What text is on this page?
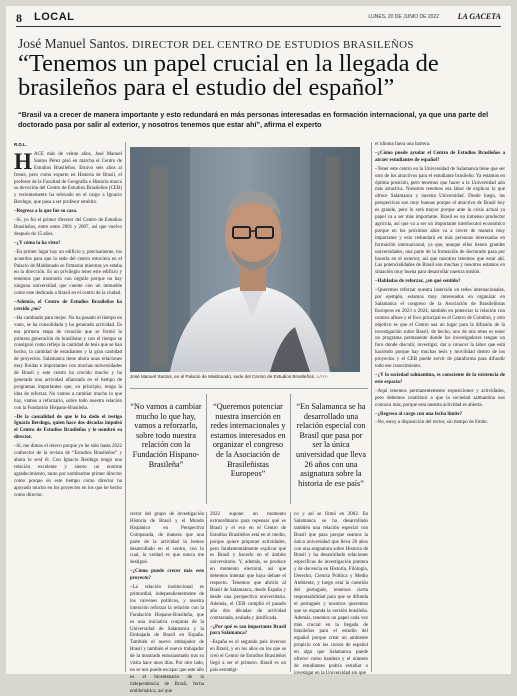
8 LOCAL	LUNES, 20 DE JUNIO DE 2022 LA GACETA
José Manuel Santos. DIRECTOR DEL CENTRO DE ESTUDIOS BRASILEÑOS
“Tenemos un papel crucial en la llegada de brasileños para el estudio del español”
“Brasil va a crecer de manera importante y esto redundará en más personas interesadas en formación internacional, ya que una parte del doctorado pasa por salir al exterior, y nosotros tenemos que estar ahí”, afirma el experto
R.D.L.
H ACE más de veinte años, José Manuel Santos Pérez pisó en marcha el Centro de Estudios Brasileños. Estuvo seis años al frente, pero como experto en Historia de Brasil, el profesor de la Facultad de Geografía e Historia marca su devoción del Centro de Estudios Brasileños (CEB) y recientemente ha relevado en el cargo a Ignacio Berdugo, que pasa a ser profesor emérito.

–Regresa a la que fue su casa.

–Sí, yo fui el primer director del Centro de Estudios Brasileños, entre entre 2001 y 2007, así que vuelvo después de 15 años.

–¿Y cómo la ha visto?

–En primer lugar hay un edificio y, precisamente, los acuerdos para que la sede del centro estuviera en el Palacio de Maldonado se firmaron mientras yo estaba en la dirección. Es un privilegio tener este edificio y tenemos que mostrarlo con orgullo porque no hay ninguna universidad que cuente con un inmueble como este dedicado a Brasil en el centro de la ciudad.

–Además, el Centro de Estudios Brasileños ha crecido ¿no?

–Ha cambiado para mejor. No ha pasado el tiempo en vano, se ha consolidado y ha generado actividad. Es esa primera etapa de creación que se formó la primera generación de brasilistas y con el tiempo se consiguió como reflejo la cantidad de tesis que se han hecho, la cantidad de estudiantes y la gran cantidad de proyectos. Salamanca tiene ahora unas relaciones muy fluidas e importantes con muchas universidades de Brasil y este centro ha crecido mucho y ha generado una actividad afianzada en el tiempo de programas importantes que, en principio, tenga la idea de reforzar. No vamos a cambiar mucho lo que hay, vamos a reforzarlo, sobre todo nuestra relación con la Fundación Hispano-Brasileña.

–De la casualidad de que le ha dado el testigo Ignacio Berdugo, quien hace dos décadas impulsó el Centro de Estudios Brasileños y le nombró su director.

–Sí, me dimos el relevo porque yo he sido hasta 2022 codirector de la revista de “Estudios Brasileños” y ahora lo será él. Con Ignacio Berdugo tengo una relación excelente y siento un enorme agradecimiento, tanto por nombrarme primer director como porque en este tiempo como director ha apoyado mucho en los proyectos en los que he hecho como director.

José Manuel Santos, en el Palacio de Maldonado, sede del Centro de Estudios Brasileños. LAYA
“No vamos a cambiar mucho lo que hay, vamos a reforzarlo, sobre todo nuestra relación con la Fundación Hispano-Brasileña”
“Queremos potenciar nuestra inserción en redes internacionales y estamos interesados en organizar el congreso de la Asociación de Brasileñistas Europeos”
“En Salamanca se ha desarrollado una relación especial con Brasil que pasa por ser la única universidad que lleva 26 años con una asignatura sobre la historia de ese país”

rector del grupo de investigación Historia de Brasil y el Mundo Hispánico en Perspectiva Comparada, de manera que una parte de la actividad la hemos desarrollado en el centro, con lo cual, la verdad es que nunca me desligué.

–¿Cómo puede crecer más este proyecto?

–La relación institucional es primordial, independientemente de los vaivenes políticos, y nuestra intención reforzar la relación con la Fundación Hispano-Brasileña, que es una iniciativa conjunta de la Universidad de Salamanca y la Embajada de Brasil en España. También el nuevo embajador de Brasil y también el nuevo trabajador de la mostrado entusiasmado tras su visita hace unos días. Por otro lado, no se nos puede escapar que este año es el bicentenario de la independencia de Brasil, fecha emblemática, así que

2022 supone un momento extraordinario para repensar qué es Brasil y el eco en el Centro de Estudios Brasileños está en el medio, porque quiere proponer actividades, pero fundamentalmente explicar qué es Brasil y hacerlo en el ámbito universitario. Y, además, se produce en momento electoral, así que debemos intentar que haya debate el respecto. Tenemos que abrirlo al Brasil de Salamanca, desde España y desde una perspectiva universitaria. Además, el CEB cumplió el pasado año dos décadas de actividad contrastada, avalada y justificada.

–¿Por qué es tan importante Brasil para Salamanca?

–España es el segundo país inversor en Brasil, y en los años en los que se creó el Centro de Estudios Brasileños llegó a ser el primero. Brasil es un país estratégi-

co y así se firmó en 2002. En Salamanca se ha desarrollado también una relación especial con Brasil que pasa porque seamos la única universidad que lleva 26 años con una asignatura sobre Historia de Brasil y ha desarrollado relaciones específicas de investigación puntera y de docencia en Historia, Filología, Derecho, Ciencia Política y Medio Ambiente, y luego está la cuestión del portugués, tenemos cierta responsabilidad para que se difunda el portugués y nosotros queremos que se expanda la versión brasileña. Además, tenemos un papel cada vez más crucial en la llegada de brasileños para el estudio del español porque crear un ambiente propicio con los cursos de español en algo que Salamanca puede ofrecer como bandera y el número de estudiantes podría estudiar o investigar en la Universidad sin que

el idioma fuera una barrera.

–¿Cómo puede ayudar el Centro de Estudios Brasileños a atraer estudiantes de español?

–Tener este centro en la Universidad de Salamanca tiene que ser otro de los atractivos para el estudiante brasileño. Ya estamos en óptima posición, pero tenemos que hacer a la Universidad aún más atractiva. Nosotros tenemos esa labor de explicar lo que ofrece Salamanca y nuestra Universidad. Desde luego, las perspectivas son muy buenas porque el atractivo de Brasil hoy es grande, pero lo será mayor porque ante la crisis actual ya papel va a ser más importante. Brasil es un inmenso productor agrícola, así que va a ser un importante interlocutor económico porque en los próximos años va a crecer de manera muy importante y esto redundará en más personas interesadas en formación internacional, ya que, aunque ellos tienen grandes universidades, una parte de la formación de doctorado pasa por hacerla en el exterior, así que nosotros tenemos que estar ahí. Las potencialidades de Brasil son muchas y nosotros estamos en situación muy buena para desarrollar nuestra misión.

–Habladas de reforzar, ¿en qué sentido?

–Queremos reforzar nuestra inserción en redes internacionales, por ejemplo, estamos muy interesados en organizar en Salamanca el congreso de la Asociación de Brasileñistas Europeos en 2023 o 2024, también en potenciar la relación con centros afines y el foco principal es el Centro de Coimbra, y otro objetivo es que el Centro sea un lugar para la difusión de la investigación sobre Brasil, de hecho, uno de mis retos es tener un programa permanente donde los investigadores tengan un foro donde discutir, investigar, dar a conocer la labor que está haciendo porque hay muchas tesis y movilidad dentro de los proyectos y el CEB puede servir de plataforma para difundir todo ese conocimiento.

–¿Y la sociedad salmantina, es consciente de la existencia de este espacio?

–Aquí tenemos permanentemente exposiciones y actividades, pero debemos contribuir a que la sociedad salmantina nos conozca más, porque esta nuestra actividad es abierta.

–¿Regresa al cargo con una fecha límite?

–No, estoy a disposición del rector, sin tiempo de límite.
